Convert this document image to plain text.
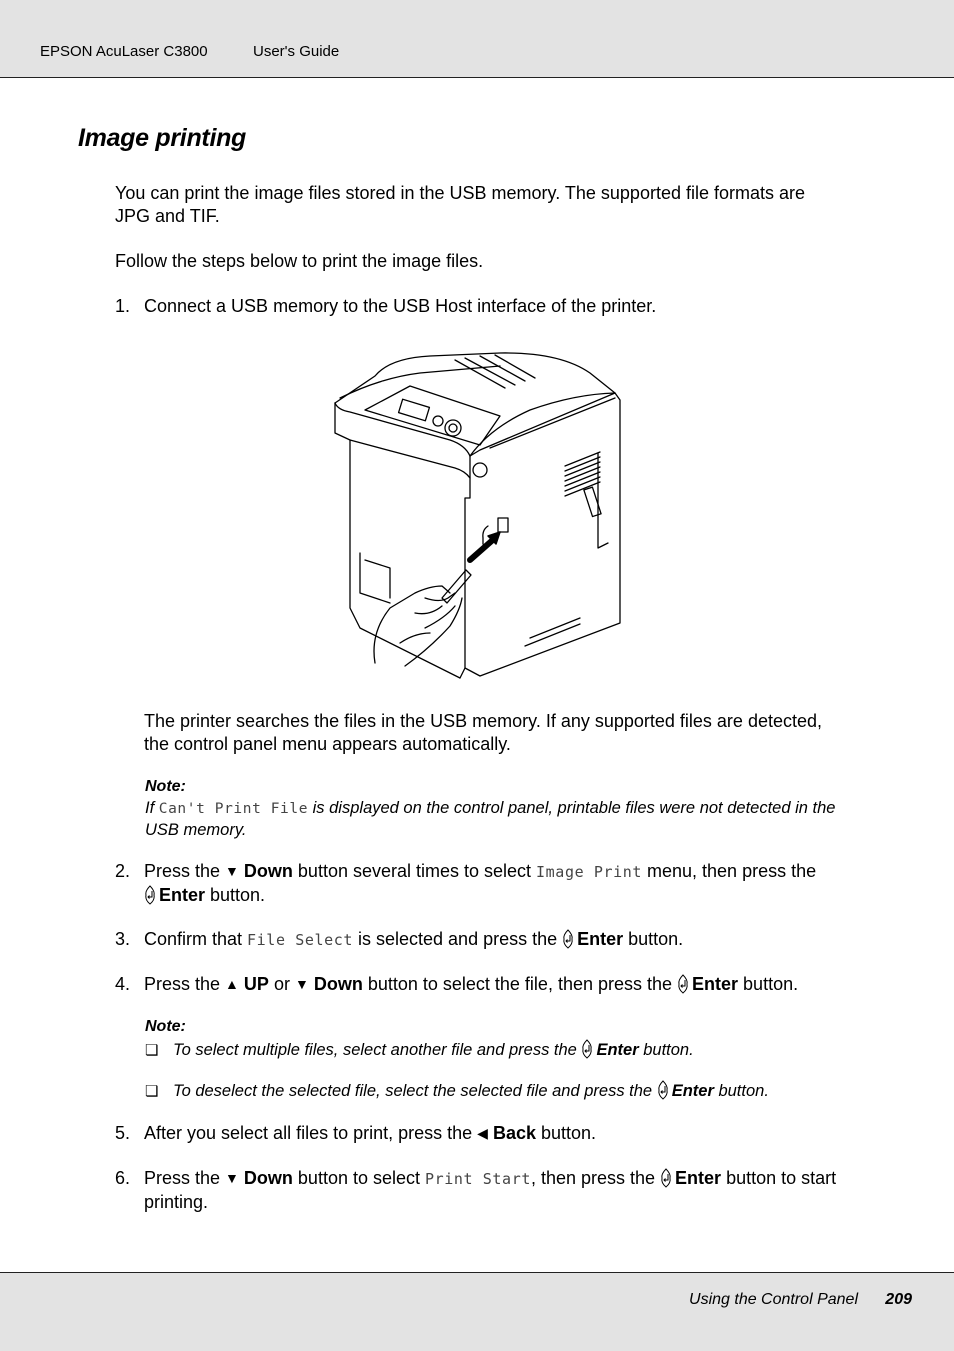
EPSON AcuLaser C3800	User's Guide
Image printing
You can print the image files stored in the USB memory. The supported file formats are
JPG and TIF.
Follow the steps below to print the image files.
1. Connect a USB memory to the USB Host interface of the printer.
The printer searches the files in the USB memory. If any supported files are detected,
the control panel menu appears automatically.
Note:
If Can't Print File is displayed on the control panel, printable files were not detected in the
USB memory.
2. Press the ▼ Down button several times to select Image Print menu, then press the
Enter button.
3. Confirm that File Select is selected and press the Enter button.
4. Press the ▲ UP or ▼ Down button to select the file, then press the Enter button.
Note:
❏ To select multiple files, select another file and press the Enter button.
❏ To deselect the selected file, select the selected file and press the Enter button.
5. After you select all files to print, press the ◀ Back button.
6. Press the ▼ Down button to select Print Start, then press the Enter button to start
printing.
Using the Control Panel 209
